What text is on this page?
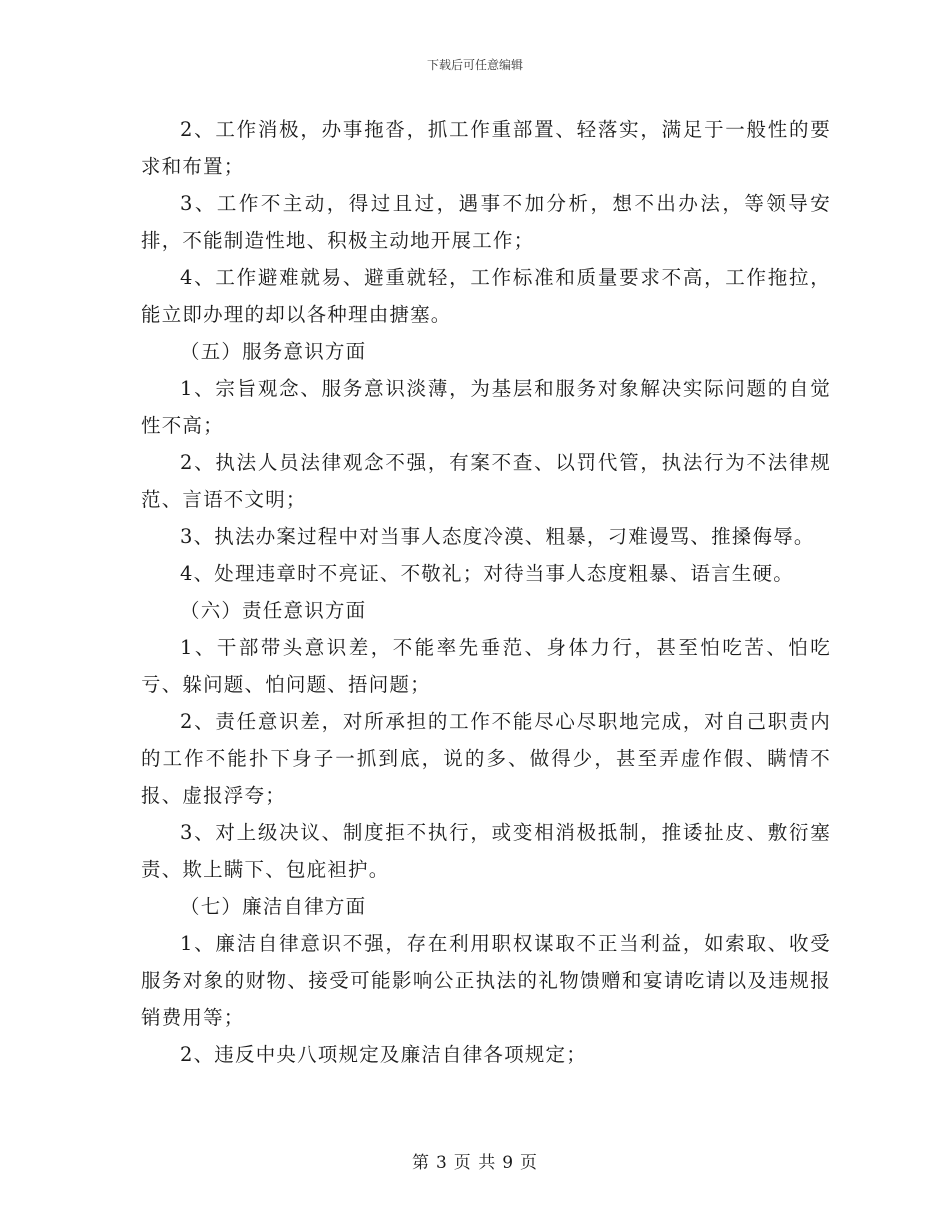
下载后可任意编辑

2、工作消极，办事拖沓，抓工作重部置、轻落实，满足于一般性的要求和布置；

3、工作不主动，得过且过，遇事不加分析，想不出办法，等领导安排，不能制造性地、积极主动地开展工作；

4、工作避难就易、避重就轻，工作标准和质量要求不高，工作拖拉，能立即办理的却以各种理由搪塞。

（五）服务意识方面

1、宗旨观念、服务意识淡薄，为基层和服务对象解决实际问题的自觉性不高；

2、执法人员法律观念不强，有案不查、以罚代管，执法行为不法律规范、言语不文明；

3、执法办案过程中对当事人态度冷漠、粗暴，刁难谩骂、推搡侮辱。

4、处理违章时不亮证、不敬礼；对待当事人态度粗暴、语言生硬。

（六）责任意识方面

1、干部带头意识差，不能率先垂范、身体力行，甚至怕吃苦、怕吃亏、躲问题、怕问题、捂问题；

2、责任意识差，对所承担的工作不能尽心尽职地完成，对自己职责内的工作不能扑下身子一抓到底，说的多、做得少，甚至弄虚作假、瞒情不报、虚报浮夸；

3、对上级决议、制度拒不执行，或变相消极抵制，推诿扯皮、敷衍塞责、欺上瞒下、包庇袒护。

（七）廉洁自律方面

1、廉洁自律意识不强，存在利用职权谋取不正当利益，如索取、收受服务对象的财物、接受可能影响公正执法的礼物馈赠和宴请吃请以及违规报销费用等；

2、违反中央八项规定及廉洁自律各项规定；

第 3 页 共 9 页
